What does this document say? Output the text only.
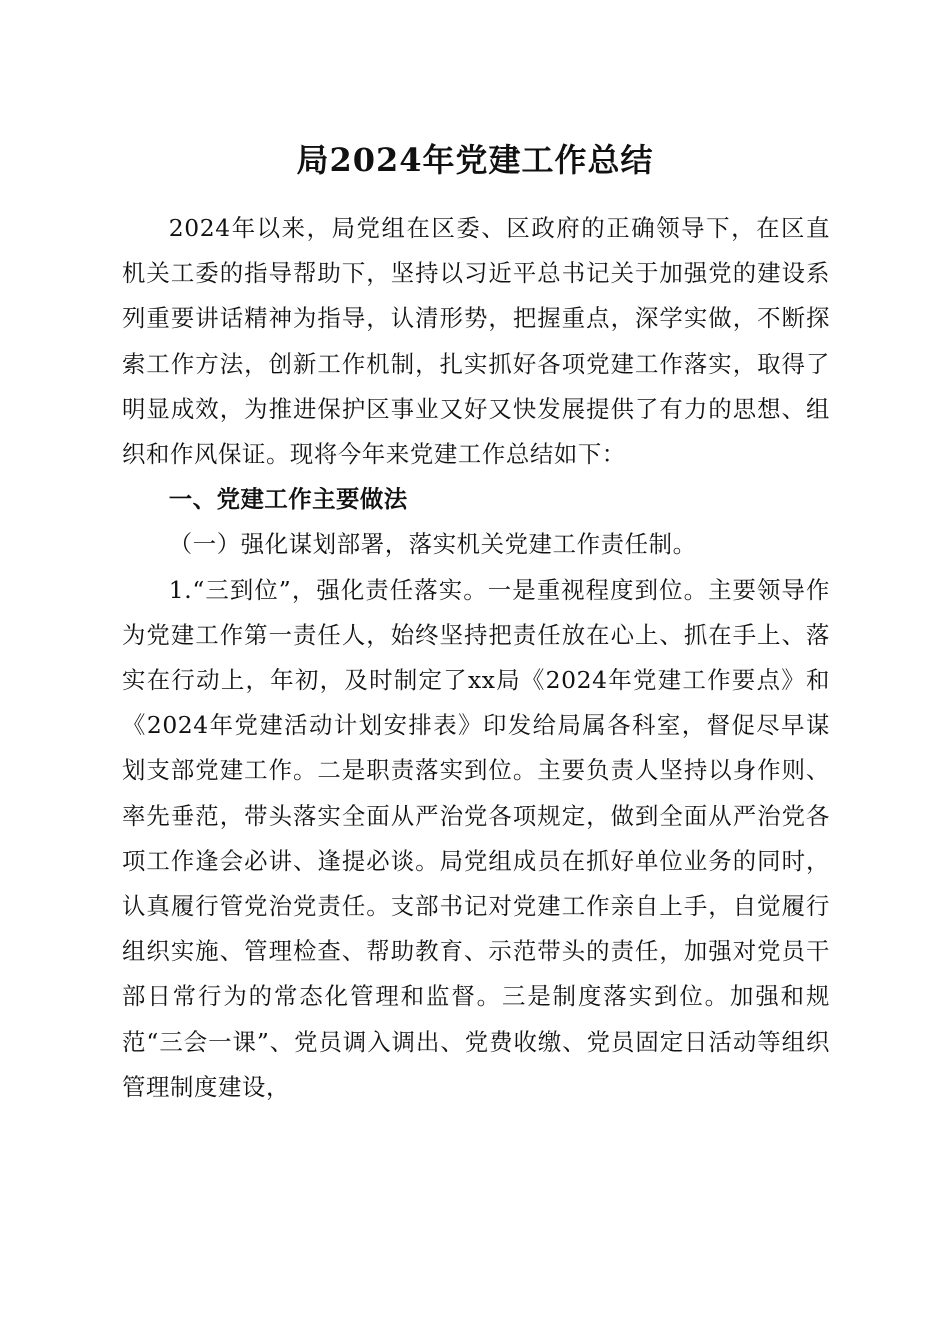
局2024年党建工作总结

2024年以来，局党组在区委、区政府的正确领导下，在区直机关工委的指导帮助下，坚持以习近平总书记关于加强党的建设系列重要讲话精神为指导，认清形势，把握重点，深学实做，不断探索工作方法，创新工作机制，扎实抓好各项党建工作落实，取得了明显成效，为推进保护区事业又好又快发展提供了有力的思想、组织和作风保证。现将今年来党建工作总结如下：

一、党建工作主要做法

（一）强化谋划部署，落实机关党建工作责任制。

1.“三到位”，强化责任落实。一是重视程度到位。主要领导作为党建工作第一责任人，始终坚持把责任放在心上、抓在手上、落实在行动上，年初，及时制定了xx局《2024年党建工作要点》和《2024年党建活动计划安排表》印发给局属各科室，督促尽早谋划支部党建工作。二是职责落实到位。主要负责人坚持以身作则、率先垂范，带头落实全面从严治党各项规定，做到全面从严治党各项工作逢会必讲、逢提必谈。局党组成员在抓好单位业务的同时，认真履行管党治党责任。支部书记对党建工作亲自上手，自觉履行组织实施、管理检查、帮助教育、示范带头的责任，加强对党员干部日常行为的常态化管理和监督。三是制度落实到位。加强和规范“三会一课”、党员调入调出、党费收缴、党员固定日活动等组织管理制度建设，
